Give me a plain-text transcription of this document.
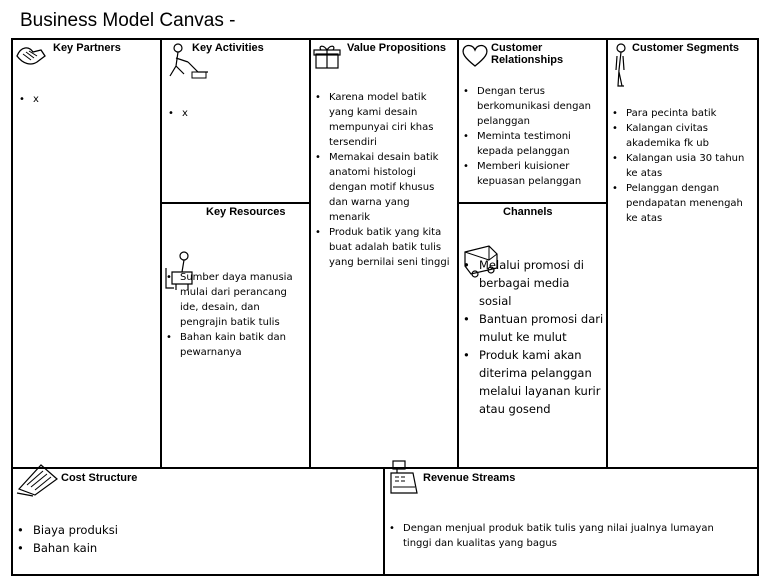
Business Model Canvas -
Key Partners
• x
Key Activities
• x
Key Resources
• Sumber daya manusia mulai dari perancang ide, desain, dan pengrajin batik tulis
• Bahan kain batik dan pewarnanya
Value Propositions
• Karena model batik yang kami desain mempunyai ciri khas tersendiri
• Memakai desain batik anatomi histologi dengan motif khusus dan warna yang menarik
• Produk batik yang kita buat adalah batik tulis yang bernilai seni tinggi
Customer
Relationships
• Dengan terus berkomunikasi dengan pelanggan
• Meminta testimoni kepada pelanggan
• Memberi kuisioner kepuasan pelanggan
Channels
• Melalui promosi di berbagai media sosial
• Bantuan promosi dari mulut ke mulut
• Produk kami akan diterima pelanggan melalui layanan kurir atau gosend
Customer Segments
• Para pecinta batik
• Kalangan civitas akademika fk ub
• Kalangan usia 30 tahun ke atas
• Pelanggan dengan pendapatan menengah ke atas
Cost Structure
• Biaya produksi
• Bahan kain
Revenue Streams
• Dengan menjual produk batik tulis yang nilai jualnya lumayan tinggi dan kualitas yang bagus
